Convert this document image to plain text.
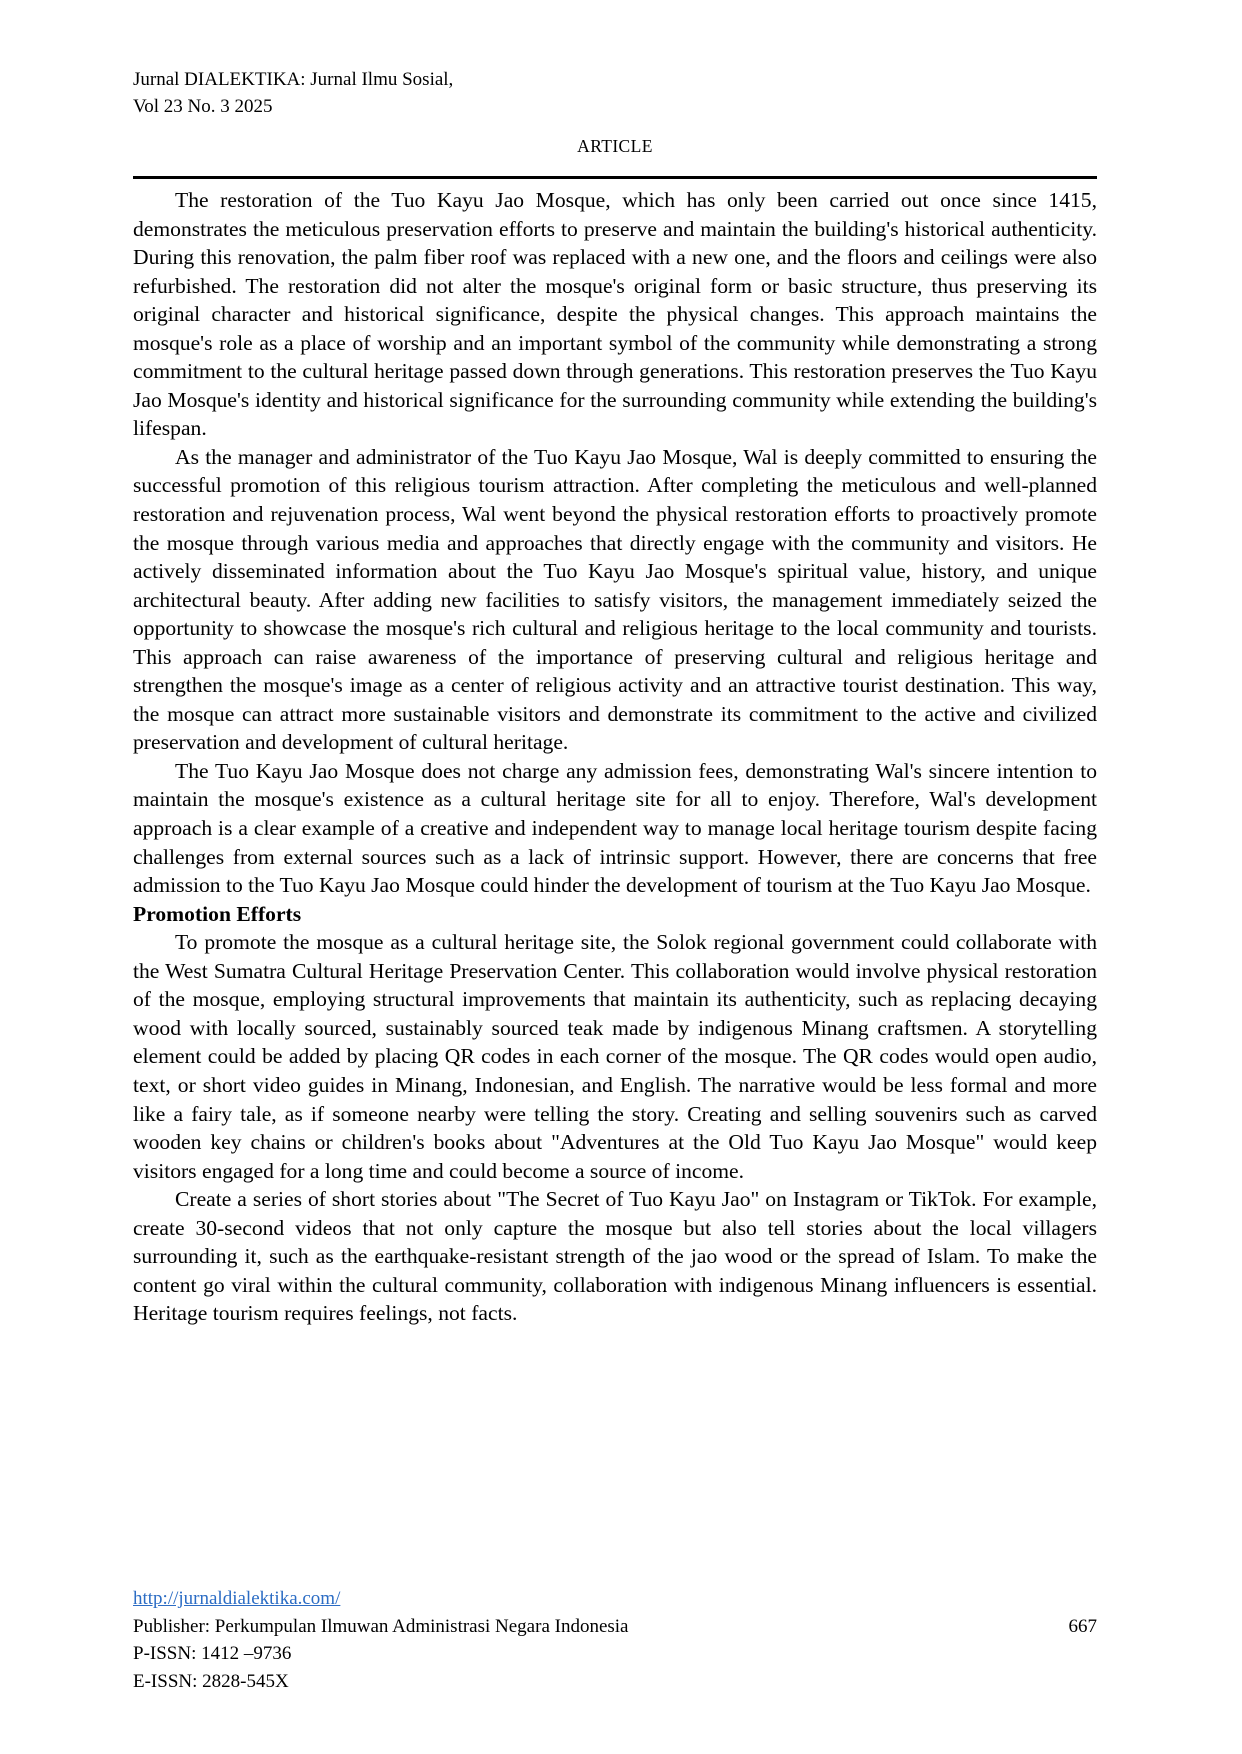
Jurnal DIALEKTIKA: Jurnal Ilmu Sosial,
Vol 23 No. 3 2025
ARTICLE

The restoration of the Tuo Kayu Jao Mosque, which has only been carried out once since 1415, demonstrates the meticulous preservation efforts to preserve and maintain the building's historical authenticity. During this renovation, the palm fiber roof was replaced with a new one, and the floors and ceilings were also refurbished. The restoration did not alter the mosque's original form or basic structure, thus preserving its original character and historical significance, despite the physical changes. This approach maintains the mosque's role as a place of worship and an important symbol of the community while demonstrating a strong commitment to the cultural heritage passed down through generations. This restoration preserves the Tuo Kayu Jao Mosque's identity and historical significance for the surrounding community while extending the building's lifespan.

As the manager and administrator of the Tuo Kayu Jao Mosque, Wal is deeply committed to ensuring the successful promotion of this religious tourism attraction. After completing the meticulous and well-planned restoration and rejuvenation process, Wal went beyond the physical restoration efforts to proactively promote the mosque through various media and approaches that directly engage with the community and visitors. He actively disseminated information about the Tuo Kayu Jao Mosque's spiritual value, history, and unique architectural beauty. After adding new facilities to satisfy visitors, the management immediately seized the opportunity to showcase the mosque's rich cultural and religious heritage to the local community and tourists. This approach can raise awareness of the importance of preserving cultural and religious heritage and strengthen the mosque's image as a center of religious activity and an attractive tourist destination. This way, the mosque can attract more sustainable visitors and demonstrate its commitment to the active and civilized preservation and development of cultural heritage.

The Tuo Kayu Jao Mosque does not charge any admission fees, demonstrating Wal's sincere intention to maintain the mosque's existence as a cultural heritage site for all to enjoy. Therefore, Wal's development approach is a clear example of a creative and independent way to manage local heritage tourism despite facing challenges from external sources such as a lack of intrinsic support. However, there are concerns that free admission to the Tuo Kayu Jao Mosque could hinder the development of tourism at the Tuo Kayu Jao Mosque.

Promotion Efforts

To promote the mosque as a cultural heritage site, the Solok regional government could collaborate with the West Sumatra Cultural Heritage Preservation Center. This collaboration would involve physical restoration of the mosque, employing structural improvements that maintain its authenticity, such as replacing decaying wood with locally sourced, sustainably sourced teak made by indigenous Minang craftsmen. A storytelling element could be added by placing QR codes in each corner of the mosque. The QR codes would open audio, text, or short video guides in Minang, Indonesian, and English. The narrative would be less formal and more like a fairy tale, as if someone nearby were telling the story. Creating and selling souvenirs such as carved wooden key chains or children's books about "Adventures at the Old Tuo Kayu Jao Mosque" would keep visitors engaged for a long time and could become a source of income.

Create a series of short stories about "The Secret of Tuo Kayu Jao" on Instagram or TikTok. For example, create 30-second videos that not only capture the mosque but also tell stories about the local villagers surrounding it, such as the earthquake-resistant strength of the jao wood or the spread of Islam. To make the content go viral within the cultural community, collaboration with indigenous Minang influencers is essential. Heritage tourism requires feelings, not facts.

http://jurnaldialektika.com/
Publisher: Perkumpulan Ilmuwan Administrasi Negara Indonesia	667
P-ISSN: 1412 –9736
E-ISSN: 2828-545X
